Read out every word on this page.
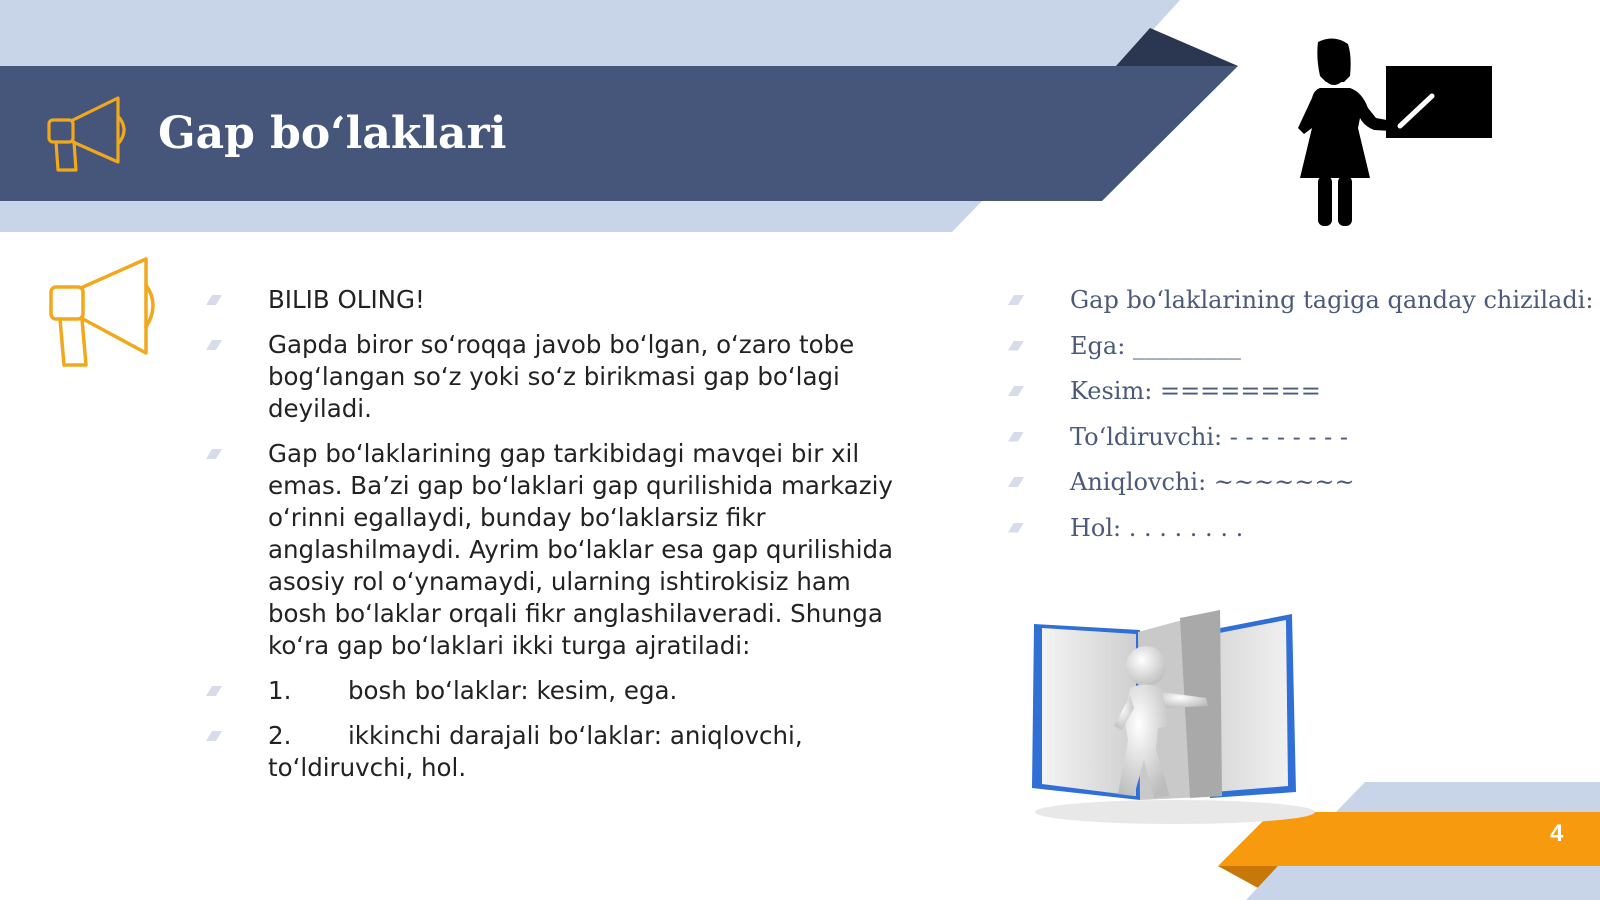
Gap bo‘laklari
BILIB OLING!
Gapda biror so‘roqqa javob bo‘lgan, o‘zaro tobe bog‘langan so‘z yoki so‘z birikmasi gap bo‘lagi deyiladi.
Gap bo‘laklarining gap tarkibidagi mavqei bir xil emas. Ba’zi gap bo‘laklari gap qurilishida markaziy o‘rinni egallaydi, bunday bo‘laklarsiz fikr anglashilmaydi. Ayrim bo‘laklar esa gap qurilishida asosiy rol o‘ynamaydi, ularning ishtirokisiz ham bosh bo‘laklar orqali fikr anglashilaveradi. Shunga ko‘ra gap bo‘laklari ikki turga ajratiladi:
1. bosh bo‘laklar: kesim, ega.
2. ikkinchi darajali bo‘laklar: aniqlovchi, to‘ldiruvchi, hol.
Gap bo‘laklarining tagiga qanday chiziladi:
Ega: _________
Kesim: ========
To‘ldiruvchi: - - - - - - - -
Aniqlovchi: ~~~~~~~
Hol: . . . . . . . .
4
